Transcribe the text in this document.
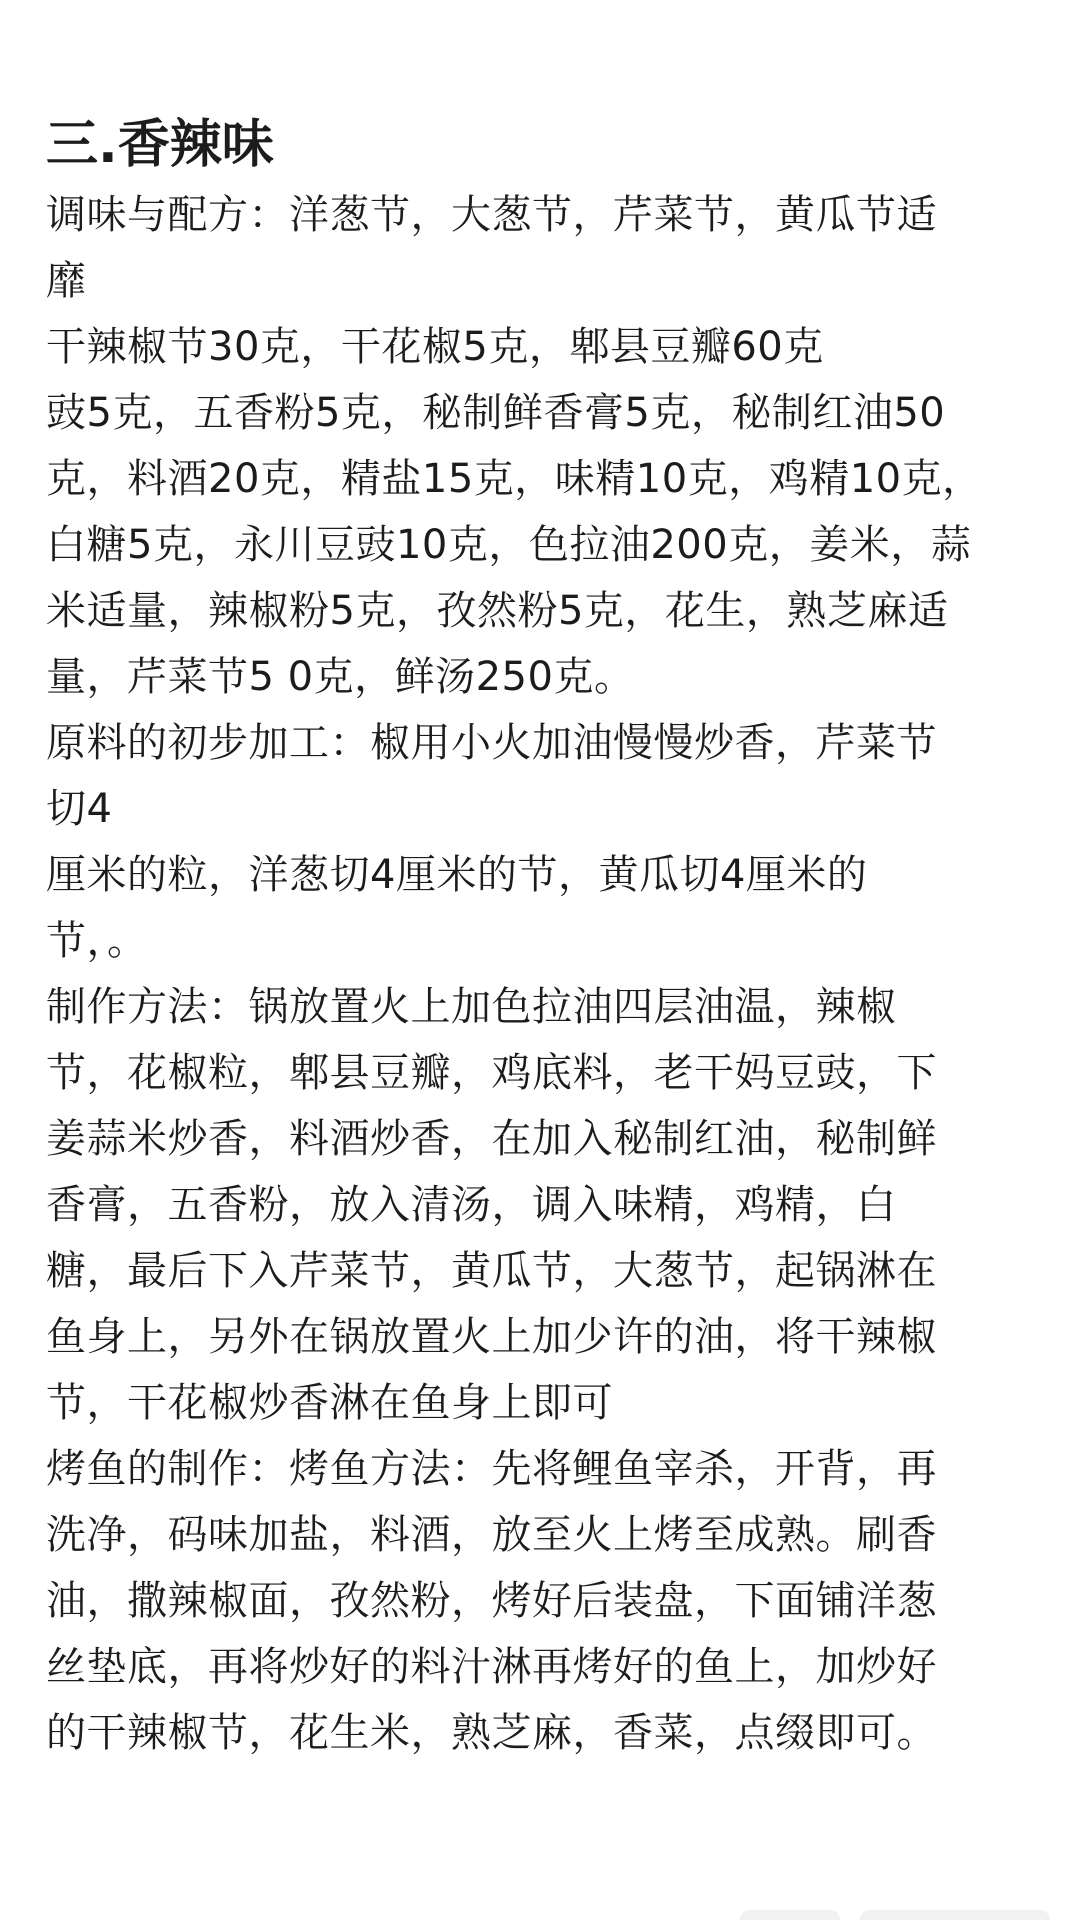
三.香辣味

调味与配方：洋葱节，大葱节，芹菜节，黄瓜节适

靡

干辣椒节30克，干花椒5克，郫县豆瓣60克

豉5克，五香粉5克，秘制鲜香膏5克，秘制红油50

克，料酒20克，精盐15克，味精10克，鸡精10克，

白糖5克，永川豆豉10克，色拉油200克，姜米，蒜

米适量，辣椒粉5克，孜然粉5克，花生，熟芝麻适

量，芹菜节5 0克，鲜汤250克。

原料的初步加工：椒用小火加油慢慢炒香，芹菜节

切4

厘米的粒，洋葱切4厘米的节，黄瓜切4厘米的

节，。

制作方法：锅放置火上加色拉油四层油温，辣椒

节，花椒粒，郫县豆瓣，鸡底料，老干妈豆豉，下

姜蒜米炒香，料酒炒香，在加入秘制红油，秘制鲜

香膏，五香粉，放入清汤，调入味精，鸡精，白

糖，最后下入芹菜节，黄瓜节，大葱节，起锅淋在

鱼身上，另外在锅放置火上加少许的油，将干辣椒

节，干花椒炒香淋在鱼身上即可

烤鱼的制作：烤鱼方法：先将鲤鱼宰杀，开背，再

洗净，码味加盐，料酒，放至火上烤至成熟。刷香

油，撒辣椒面，孜然粉，烤好后装盘，下面铺洋葱

丝垫底，再将炒好的料汁淋再烤好的鱼上，加炒好

的干辣椒节，花生米，熟芝麻，香菜，点缀即可。
